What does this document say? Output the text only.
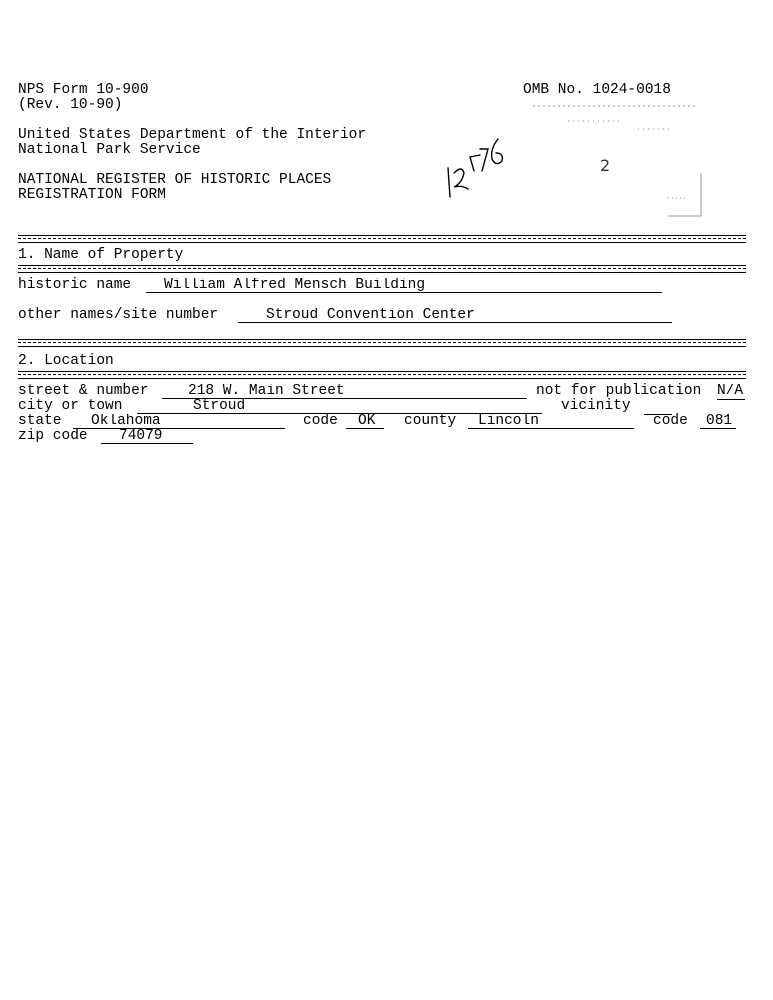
NPS Form 10-900
(Rev. 10-90)
OMB No. 1024-0018
United States Department of the Interior
National Park Service
NATIONAL REGISTER OF HISTORIC PLACES
REGISTRATION FORM
2
1. Name of Property
historic name	William Alfred Mensch Building
other names/site number	Stroud Convention Center
2. Location
street & number	218 W. Main Street	not for publication N/A
city or town	Stroud	vicinity
state	Oklahoma	code	OK	county	Lincoln	code	081
zip code	74079
